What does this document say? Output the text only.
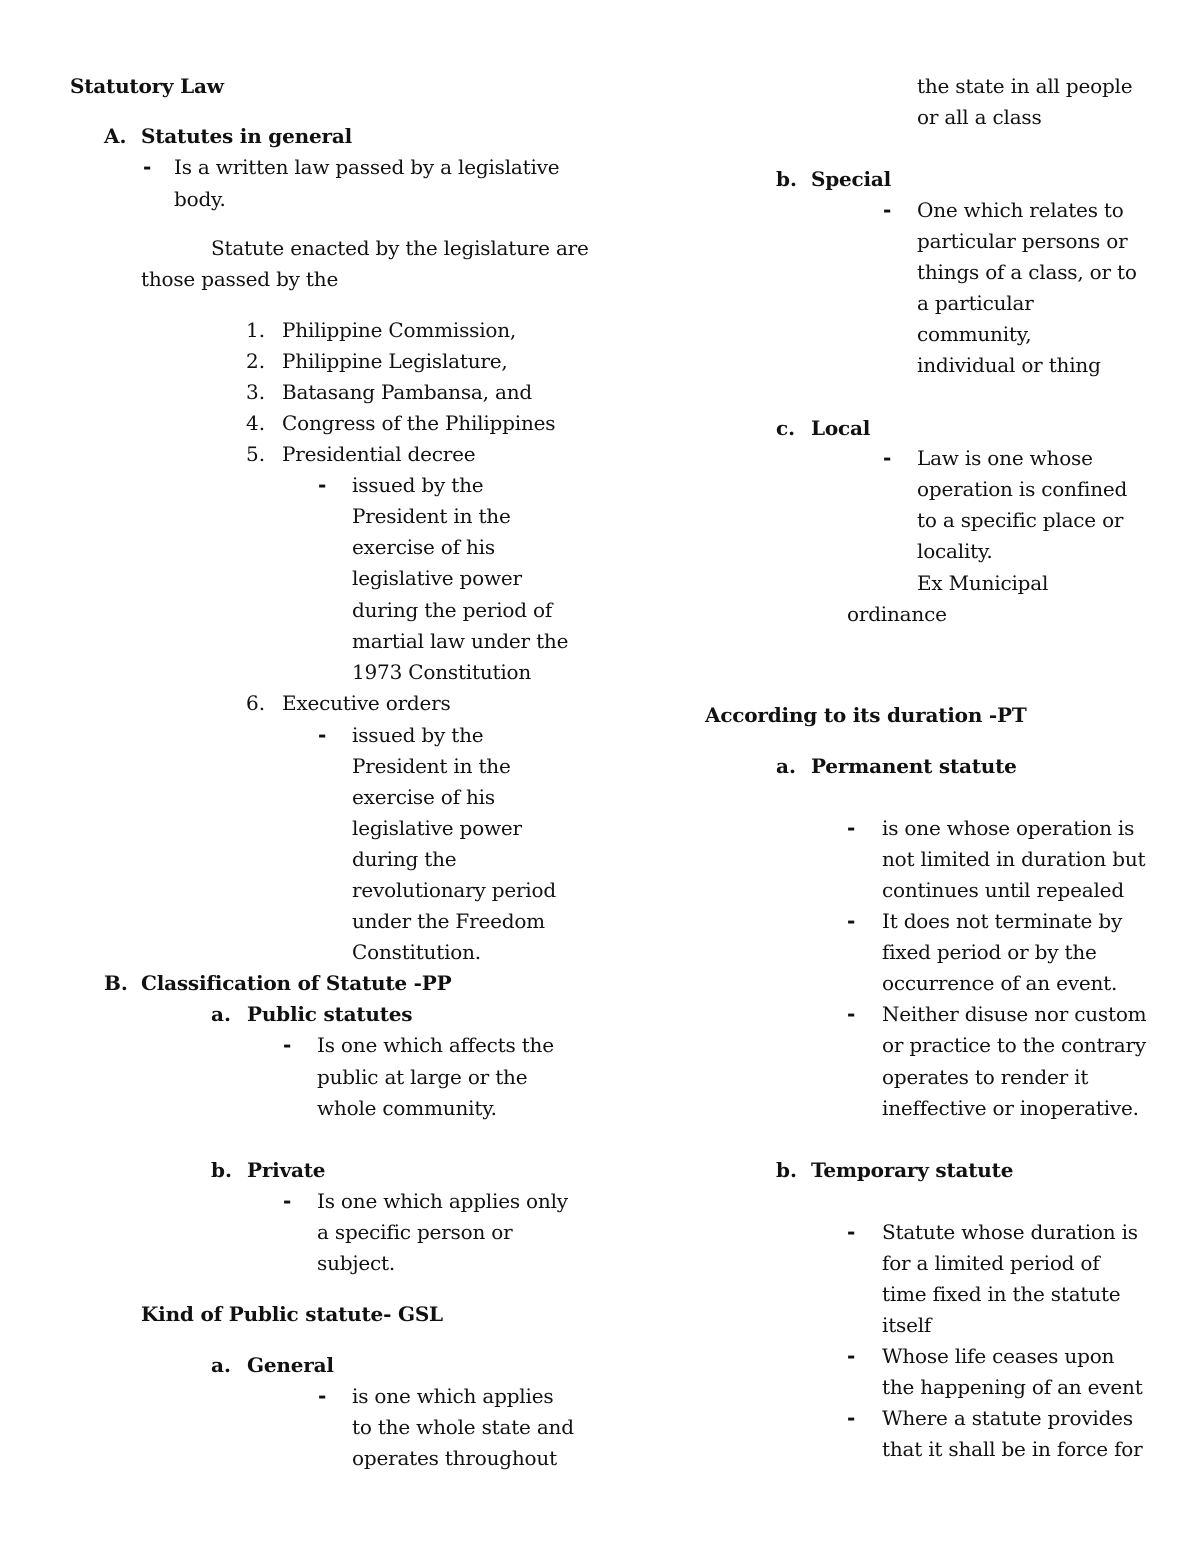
Statutory Law
A. Statutes in general
- Is a written law passed by a legislative
body.
Statute enacted by the legislature are
those passed by the
1. Philippine Commission,
2. Philippine Legislature,
3. Batasang Pambansa, and
4. Congress of the Philippines
5. Presidential decree
- issued by the
President in the
exercise of his
legislative power
during the period of
martial law under the
1973 Constitution
6. Executive orders
- issued by the
President in the
exercise of his
legislative power
during the
revolutionary period
under the Freedom
Constitution.
B. Classification of Statute -PP
a. Public statutes
- Is one which affects the
public at large or the
whole community.
b. Private
- Is one which applies only
a specific person or
subject.
Kind of Public statute- GSL
a. General
- is one which applies
to the whole state and
operates throughout
the state in all people
or all a class
b. Special
- One which relates to
particular persons or
things of a class, or to
a particular
community,
individual or thing
c. Local
- Law is one whose
operation is confined
to a specific place or
locality.
Ex Municipal
ordinance
According to its duration -PT
a. Permanent statute
- is one whose operation is
not limited in duration but
continues until repealed
- It does not terminate by
fixed period or by the
occurrence of an event.
- Neither disuse nor custom
or practice to the contrary
operates to render it
ineffective or inoperative.
b. Temporary statute
- Statute whose duration is
for a limited period of
time fixed in the statute
itself
- Whose life ceases upon
the happening of an event
- Where a statute provides
that it shall be in force for
